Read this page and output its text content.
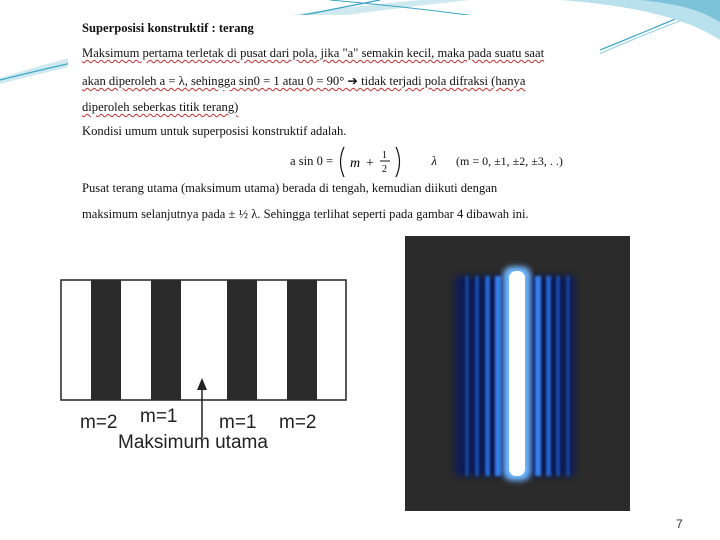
Superposisi konstruktif : terang
Maksimum pertama terletak di pusat dari pola, jika "a" semakin kecil, maka pada suatu saat
akan diperoleh a = λ, sehingga sin0 = 1 atau 0 = 90° ➔ tidak terjadi pola difraksi (hanya
diperoleh seberkas titik terang)
Kondisi umum untuk superposisi konstruktif adalah.
a sin 0 = m +
1
2
λ (m = 0, ±1, ±2, ±3, . .)
Pusat terang utama (maksimum utama) berada di tengah, kemudian diikuti dengan
maksimum selanjutnya pada ± ½ λ. Sehingga terlihat seperti pada gambar 4 dibawah ini.
m=2 m=1 m=1 m=2
Maksimum utama
7
